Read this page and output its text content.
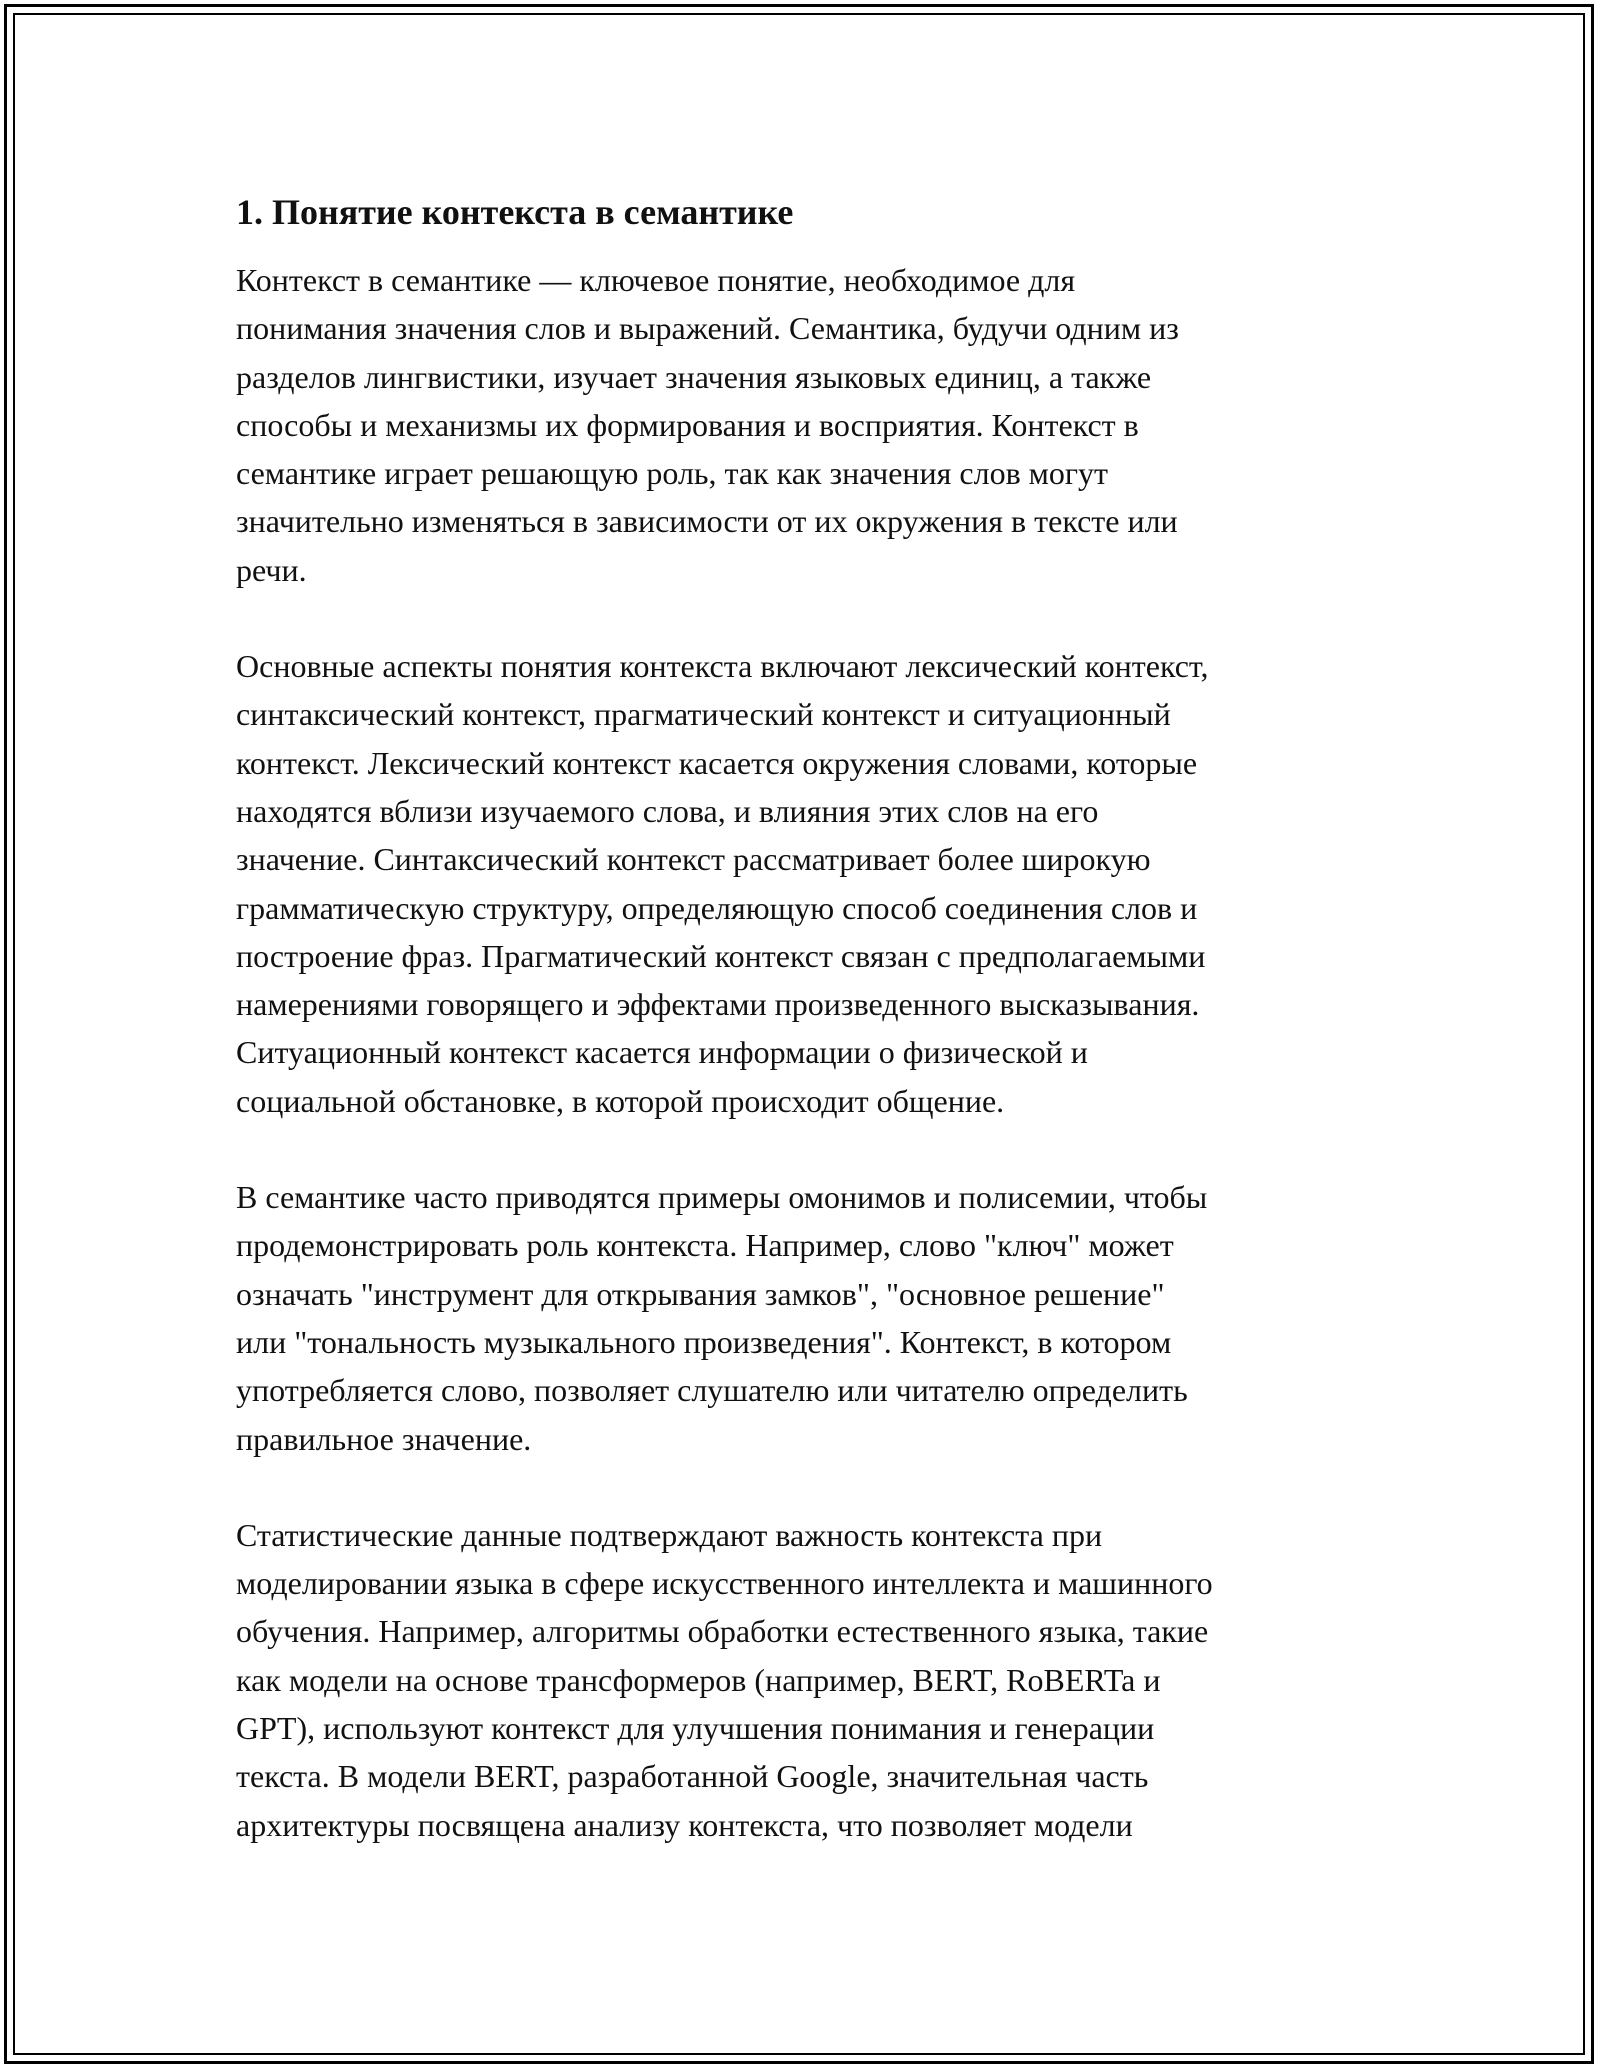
1. Понятие контекста в семантике
Контекст в семантике — ключевое понятие, необходимое для
понимания значения слов и выражений. Семантика, будучи одним из
разделов лингвистики, изучает значения языковых единиц, а также
способы и механизмы их формирования и восприятия. Контекст в
семантике играет решающую роль, так как значения слов могут
значительно изменяться в зависимости от их окружения в тексте или
речи.
Основные аспекты понятия контекста включают лексический контекст,
синтаксический контекст, прагматический контекст и ситуационный
контекст. Лексический контекст касается окружения словами, которые
находятся вблизи изучаемого слова, и влияния этих слов на его
значение. Синтаксический контекст рассматривает более широкую
грамматическую структуру, определяющую способ соединения слов и
построение фраз. Прагматический контекст связан с предполагаемыми
намерениями говорящего и эффектами произведенного высказывания.
Ситуационный контекст касается информации о физической и
социальной обстановке, в которой происходит общение.
В семантике часто приводятся примеры омонимов и полисемии, чтобы
продемонстрировать роль контекста. Например, слово "ключ" может
означать "инструмент для открывания замков", "основное решение"
или "тональность музыкального произведения". Контекст, в котором
употребляется слово, позволяет слушателю или читателю определить
правильное значение.
Статистические данные подтверждают важность контекста при
моделировании языка в сфере искусственного интеллекта и машинного
обучения. Например, алгоритмы обработки естественного языка, такие
как модели на основе трансформеров (например, BERT, RoBERTa и
GPT), используют контекст для улучшения понимания и генерации
текста. В модели BERT, разработанной Google, значительная часть
архитектуры посвящена анализу контекста, что позволяет модели
